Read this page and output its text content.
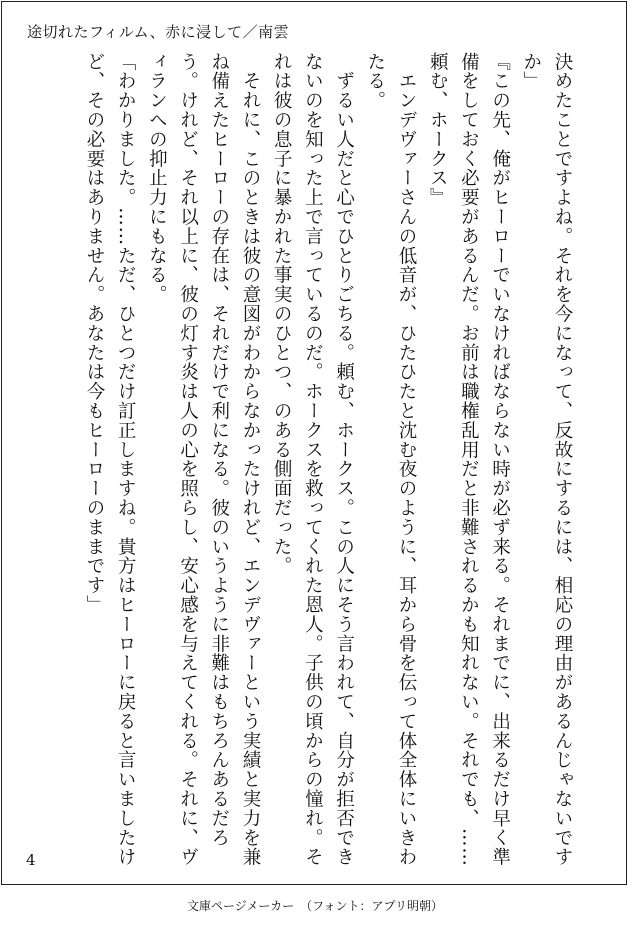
途切れたフィルム、赤に浸して／南雲

決めたことですよね。それを今になって、反故にするには、相応の理由があるんじゃないですか」

『この先、俺がヒーローでいなければならない時が必ず来る。それまでに、出来るだけ早く準備をしておく必要があるんだ。お前は職権乱用だと非難されるかも知れない。それでも、……頼む、ホークス』

　エンデヴァーさんの低音が、ひたひたと沈む夜のように、耳から骨を伝って体全体にいきわたる。

　ずるい人だと心でひとりごちる。頼む、ホークス。この人にそう言われて、自分が拒否できないのを知った上で言っているのだ。ホークスを救ってくれた恩人。子供の頃からの憧れ。それは彼の息子に暴かれた事実のひとつ、のある側面だった。

　それに、このときは彼の意図がわからなかったけれど、エンデヴァーという実績と実力を兼ね備えたヒーローの存在は、それだけで利になる。彼のいうように非難はもちろんあるだろう。けれど、それ以上に、彼の灯す炎は人の心を照らし、安心感を与えてくれる。それに、ヴィランへの抑止力にもなる。

「わかりました。……ただ、ひとつだけ訂正しますね。貴方はヒーローに戻ると言いましたけど、その必要はありません。あなたは今もヒーローのままです」

4
文庫ページメーカー　（フォント：アプリ明朝）
